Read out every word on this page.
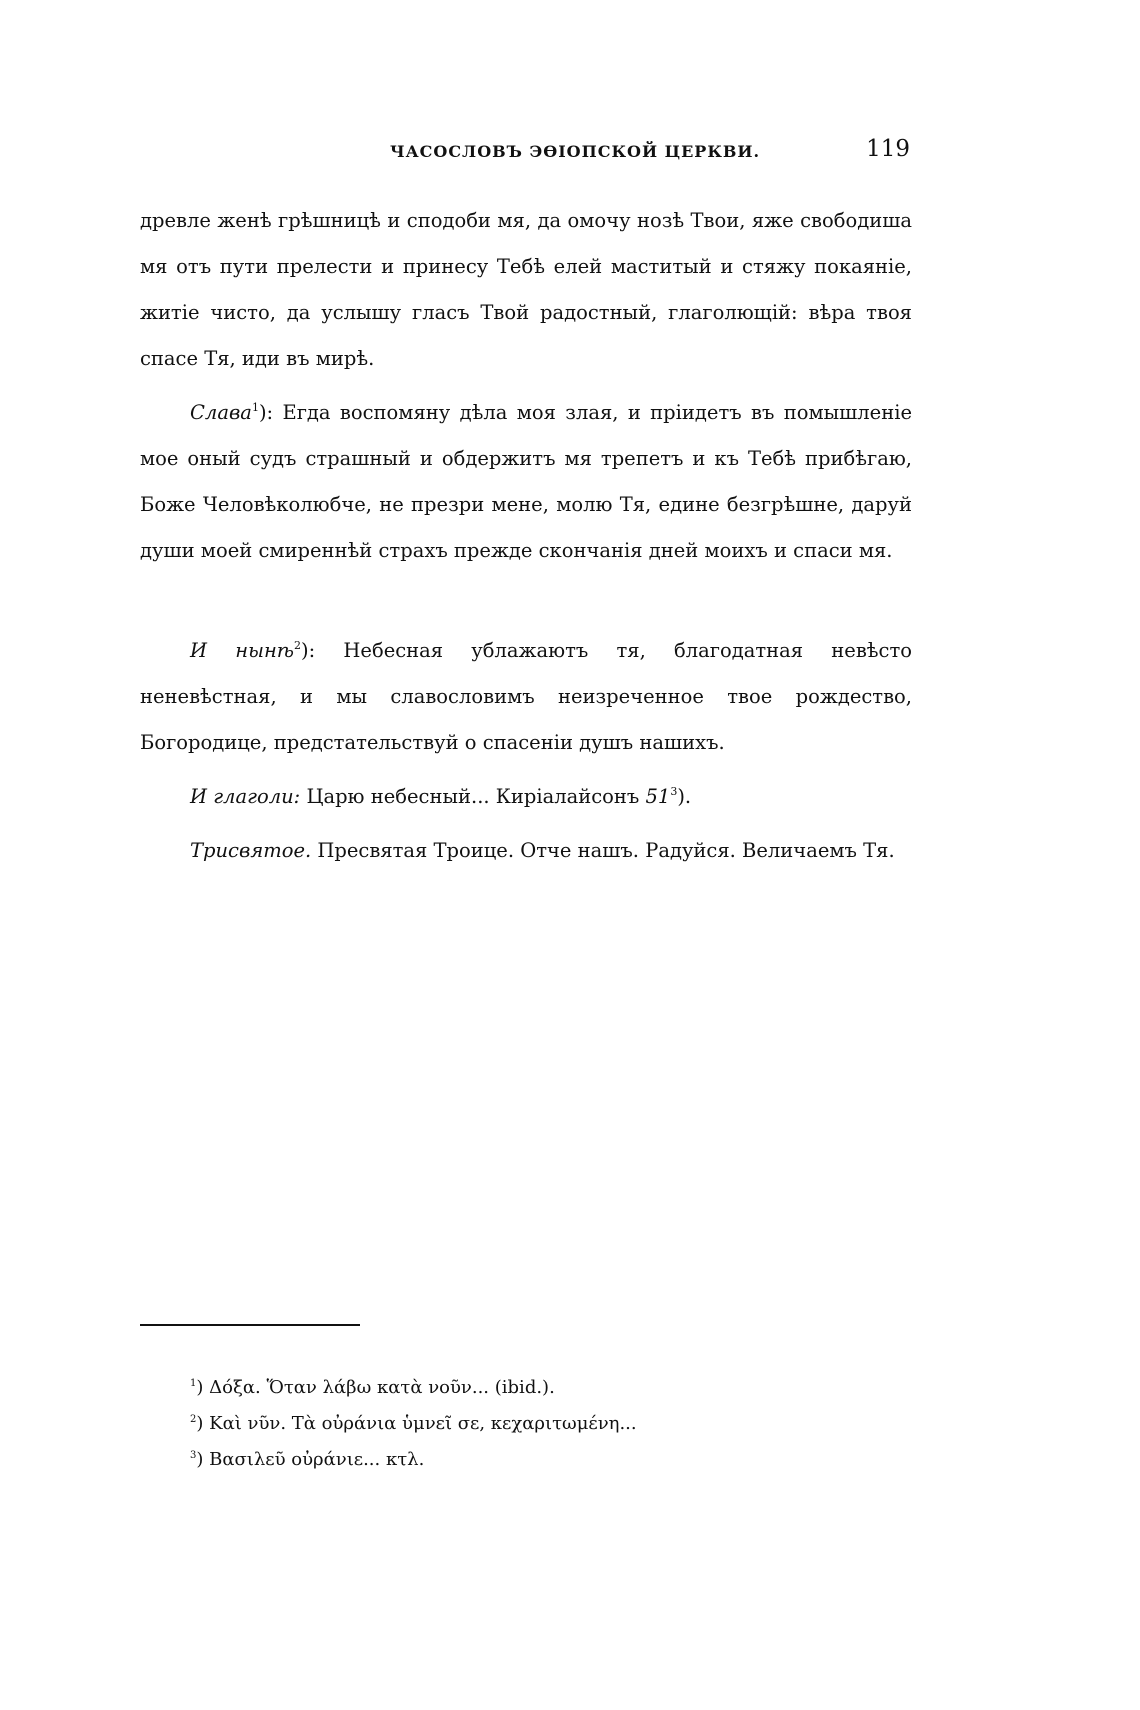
ЧАСОСЛОВЪ ЭѲІОПСКОЙ ЦЕРКВИ.	119

древле женѣ грѣшницѣ и сподоби мя, да омочу нозѣ Твои, яже свободиша мя отъ пути прелести и принесу Тебѣ елей маститый и стяжу покаяніе, житіе чисто, да услышу гласъ Твой радостный, глаголющій: вѣра твоя спасе Тя, иди въ мирѣ.

Слава$^1$): Егда воспомяну дѣла моя злая, и пріидетъ въ помышленіе мое оный судъ страшный и обдержитъ мя трепетъ и къ Тебѣ прибѣгаю, Боже Человѣколюбче, не презри мене, молю Тя, едине безгрѣшне, даруй души моей смиреннѣй страхъ прежде скончанія дней моихъ и спаси мя.

И нынѣ$^2$): Небесная ублажаютъ тя, благодатная невѣсто неневѣстная, и мы славословимъ неизреченное твое рождество, Богородице, предстательствуй о спасеніи душъ нашихъ.

И глаголи: Царю небесный... Киріалайсонъ $51^3$).

Трисвятое. Пресвятая Троице. Отче нашъ. Радуйся. Величаемъ Тя.

$^1$) Δόξα. Ὅταν λάβω κατὰ νοῦν... (ibid.).
$^2$) Καὶ νῦν. Τὰ οὐράνια ὑμνεῖ σε, κεχαριτωμένη...
$^3$) Βασιλεῦ οὐράνιε... κτλ.
